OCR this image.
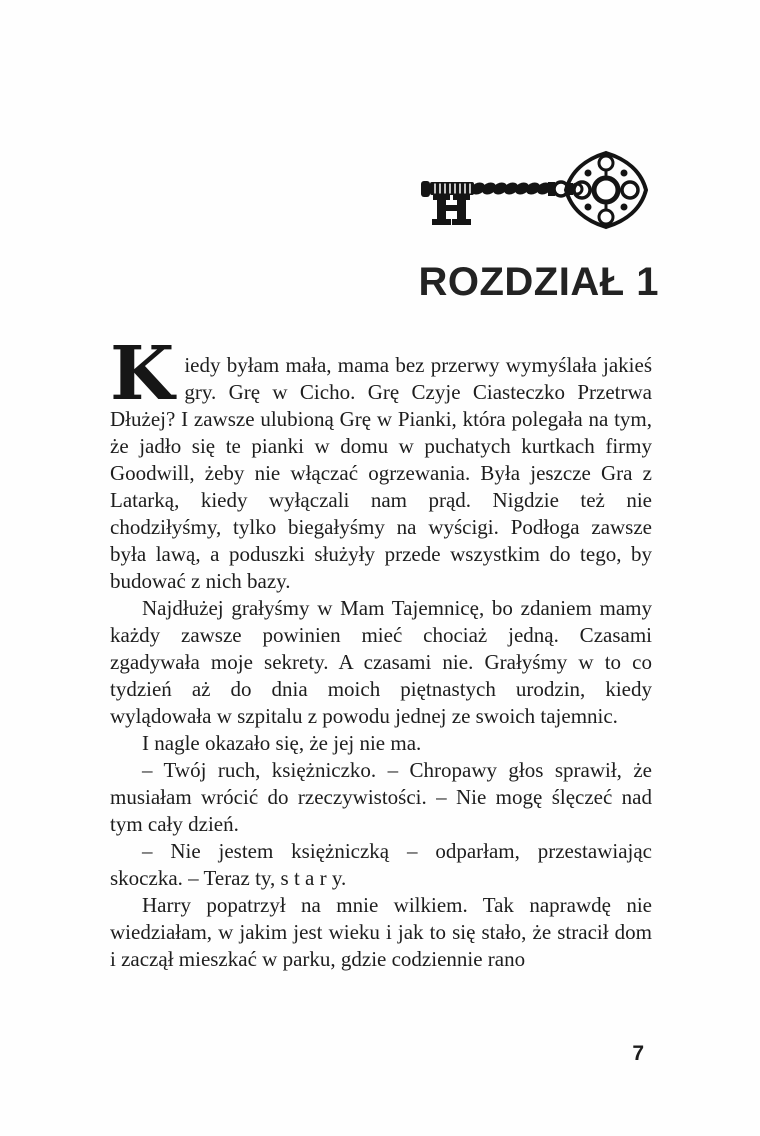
ROZDZIAŁ 1

Kiedy byłam mała, mama bez przerwy wymyślała jakieś gry. Grę w Cicho. Grę Czyje Ciasteczko Przetrwa Dłużej? I zawsze ulubioną Grę w Pianki, która polegała na tym, że jadło się te pianki w domu w puchatych kurtkach firmy Goodwill, żeby nie włączać ogrzewania. Była jeszcze Gra z Latarką, kiedy wyłączali nam prąd. Nigdzie też nie chodziłyśmy, tylko biegałyśmy na wyścigi. Podłoga zawsze była lawą, a poduszki służyły przede wszystkim do tego, by budować z nich bazy.

Najdłużej grałyśmy w Mam Tajemnicę, bo zdaniem mamy każdy zawsze powinien mieć chociaż jedną. Czasami zgadywała moje sekrety. A czasami nie. Grałyśmy w to co tydzień aż do dnia moich piętnastych urodzin, kiedy wylądowała w szpitalu z powodu jednej ze swoich tajemnic.

I nagle okazało się, że jej nie ma.

– Twój ruch, księżniczko. – Chropawy głos sprawił, że musiałam wrócić do rzeczywistości. – Nie mogę ślęczeć nad tym cały dzień.

– Nie jestem księżniczką – odparłam, przestawiając skoczka. – Teraz ty, s t a r y.

Harry popatrzył na mnie wilkiem. Tak naprawdę nie wiedziałam, w jakim jest wieku i jak to się stało, że stracił dom i zaczął mieszkać w parku, gdzie codziennie rano

7
